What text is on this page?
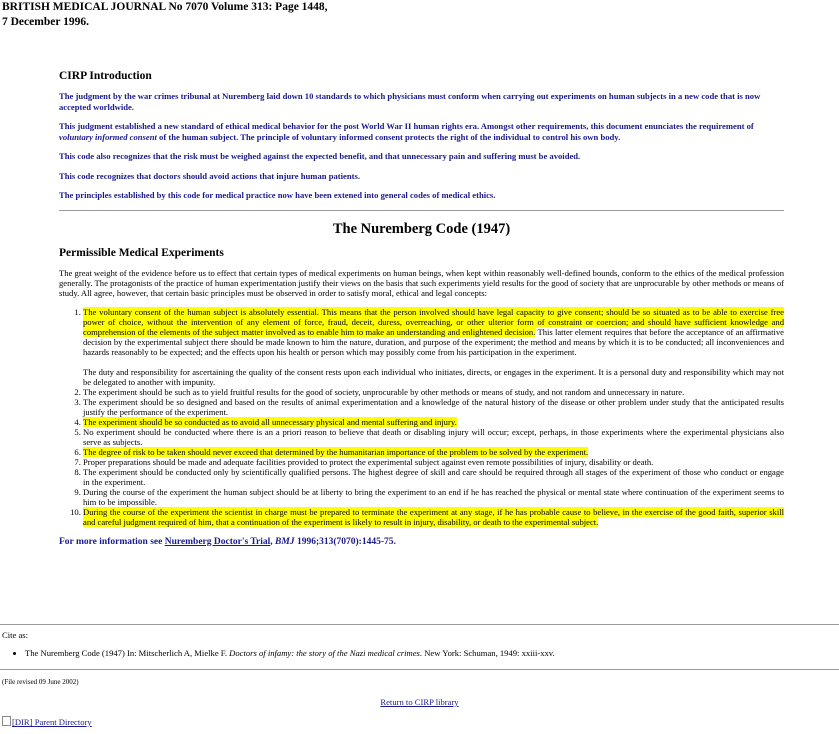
BRITISH MEDICAL JOURNAL No 7070 Volume 313: Page 1448,
7 December 1996.
CIRP Introduction

The judgment by the war crimes tribunal at Nuremberg laid down 10 standards to which physicians must conform when carrying out experiments on human subjects in a new code that is now accepted worldwide.

This judgment established a new standard of ethical medical behavior for the post World War II human rights era. Amongst other requirements, this document enunciates the requirement of voluntary informed consent of the human subject. The principle of voluntary informed consent protects the right of the individual to control his own body.

This code also recognizes that the risk must be weighed against the expected benefit, and that unnecessary pain and suffering must be avoided.

This code recognizes that doctors should avoid actions that injure human patients.

The principles established by this code for medical practice now have been extened into general codes of medical ethics.

The Nuremberg Code (1947)
Permissible Medical Experiments

The great weight of the evidence before us to effect that certain types of medical experiments on human beings, when kept within reasonably well-defined bounds, conform to the ethics of the medical profession generally. The protagonists of the practice of human experimentation justify their views on the basis that such experiments yield results for the good of society that are unprocurable by other methods or means of study. All agree, however, that certain basic principles must be observed in order to satisfy moral, ethical and legal concepts:

1. The voluntary consent of the human subject is absolutely essential. This means that the person involved should have legal capacity to give consent; should be so situated as to be able to exercise free power of choice, without the intervention of any element of force, fraud, deceit, duress, overreaching, or other ulterior form of constraint or coercion; and should have sufficient knowledge and comprehension of the elements of the subject matter involved as to enable him to make an understanding and enlightened decision. This latter element requires that before the acceptance of an affirmative decision by the experimental subject there should be made known to him the nature, duration, and purpose of the experiment; the method and means by which it is to be conducted; all inconveniences and hazards reasonably to be expected; and the effects upon his health or person which may possibly come from his participation in the experiment.
The duty and responsibility for ascertaining the quality of the consent rests upon each individual who initiates, directs, or engages in the experiment. It is a personal duty and responsibility which may not be delegated to another with impunity.
2. The experiment should be such as to yield fruitful results for the good of society, unprocurable by other methods or means of study, and not random and unnecessary in nature.
3. The experiment should be so designed and based on the results of animal experimentation and a knowledge of the natural history of the disease or other problem under study that the anticipated results justify the performance of the experiment.
4. The experiment should be so conducted as to avoid all unnecessary physical and mental suffering and injury.
5. No experiment should be conducted where there is an a priori reason to believe that death or disabling injury will occur; except, perhaps, in those experiments where the experimental physicians also serve as subjects.
6. The degree of risk to be taken should never exceed that determined by the humanitarian importance of the problem to be solved by the experiment.
7. Proper preparations should be made and adequate facilities provided to protect the experimental subject against even remote possibilities of injury, disability or death.
8. The experiment should be conducted only by scientifically qualified persons. The highest degree of skill and care should be required through all stages of the experiment of those who conduct or engage in the experiment.
9. During the course of the experiment the human subject should be at liberty to bring the experiment to an end if he has reached the physical or mental state where continuation of the experiment seems to him to be impossible.
10. During the course of the experiment the scientist in charge must be prepared to terminate the experiment at any stage, if he has probable cause to believe, in the exercise of the good faith, superior skill and careful judgment required of him, that a continuation of the experiment is likely to result in injury, disability, or death to the experimental subject.

For more information see Nuremberg Doctor's Trial, BMJ 1996;313(7070):1445-75.

Cite as:
• The Nuremberg Code (1947) In: Mitscherlich A, Mielke F. Doctors of infamy: the story of the Nazi medical crimes. New York: Schuman, 1949: xxiii-xxv.
(File revised 09 June 2002)
Return to CIRP library
[DIR] Parent Directory
